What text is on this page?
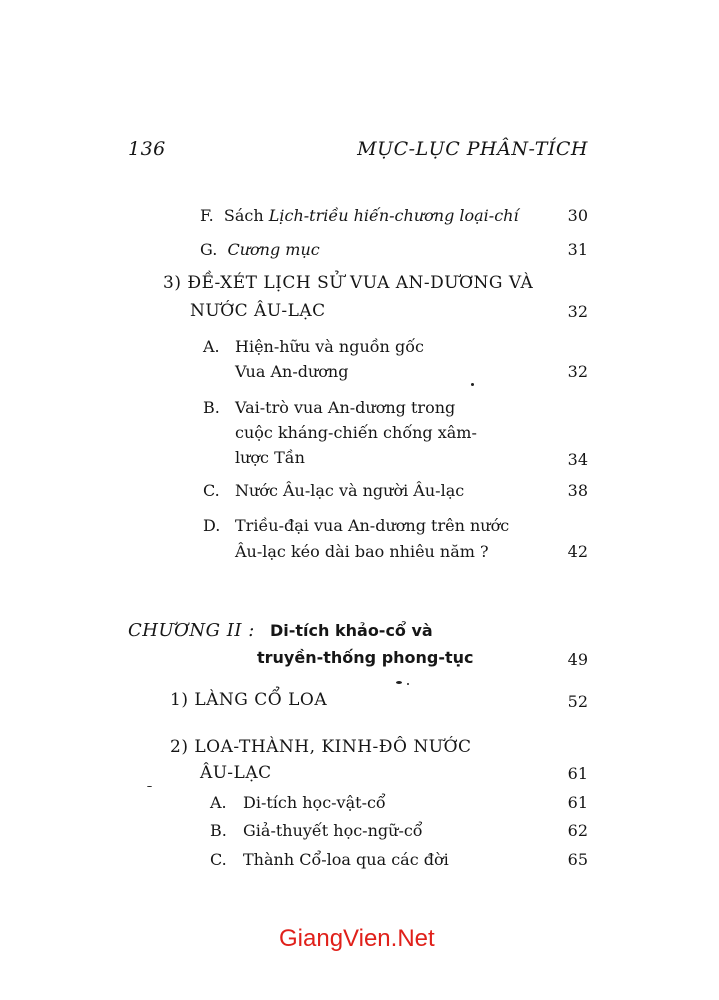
136	MỤC-LỤC PHÂN-TÍCH
F. Sách Lịch-triều hiến-chương loại-chí	30
G. Cương mục	31
3) ĐỀ-XÉT LỊCH SỬ VUA AN-DƯƠNG VÀ
NƯỚC ÂU-LẠC	32
A. Hiện-hữu và nguồn gốc
Vua An-dương	32
B. Vai-trò vua An-dương trong
cuộc kháng-chiến chống xâm-
lược Tần	34
C. Nước Âu-lạc và người Âu-lạc	38
D. Triều-đại vua An-dương trên nước
Âu-lạc kéo dài bao nhiêu năm ?	42
CHƯƠNG II : Di-tích khảo-cổ và
truyền-thống phong-tục	49
1) LÀNG CỔ LOA	52
2) LOA-THÀNH, KINH-ĐÔ NƯỚC
ÂU-LẠC	61
A. Di-tích học-vật-cổ	61
B. Giả-thuyết học-ngữ-cổ	62
C. Thành Cổ-loa qua các đời	65
GiangVien.Net
